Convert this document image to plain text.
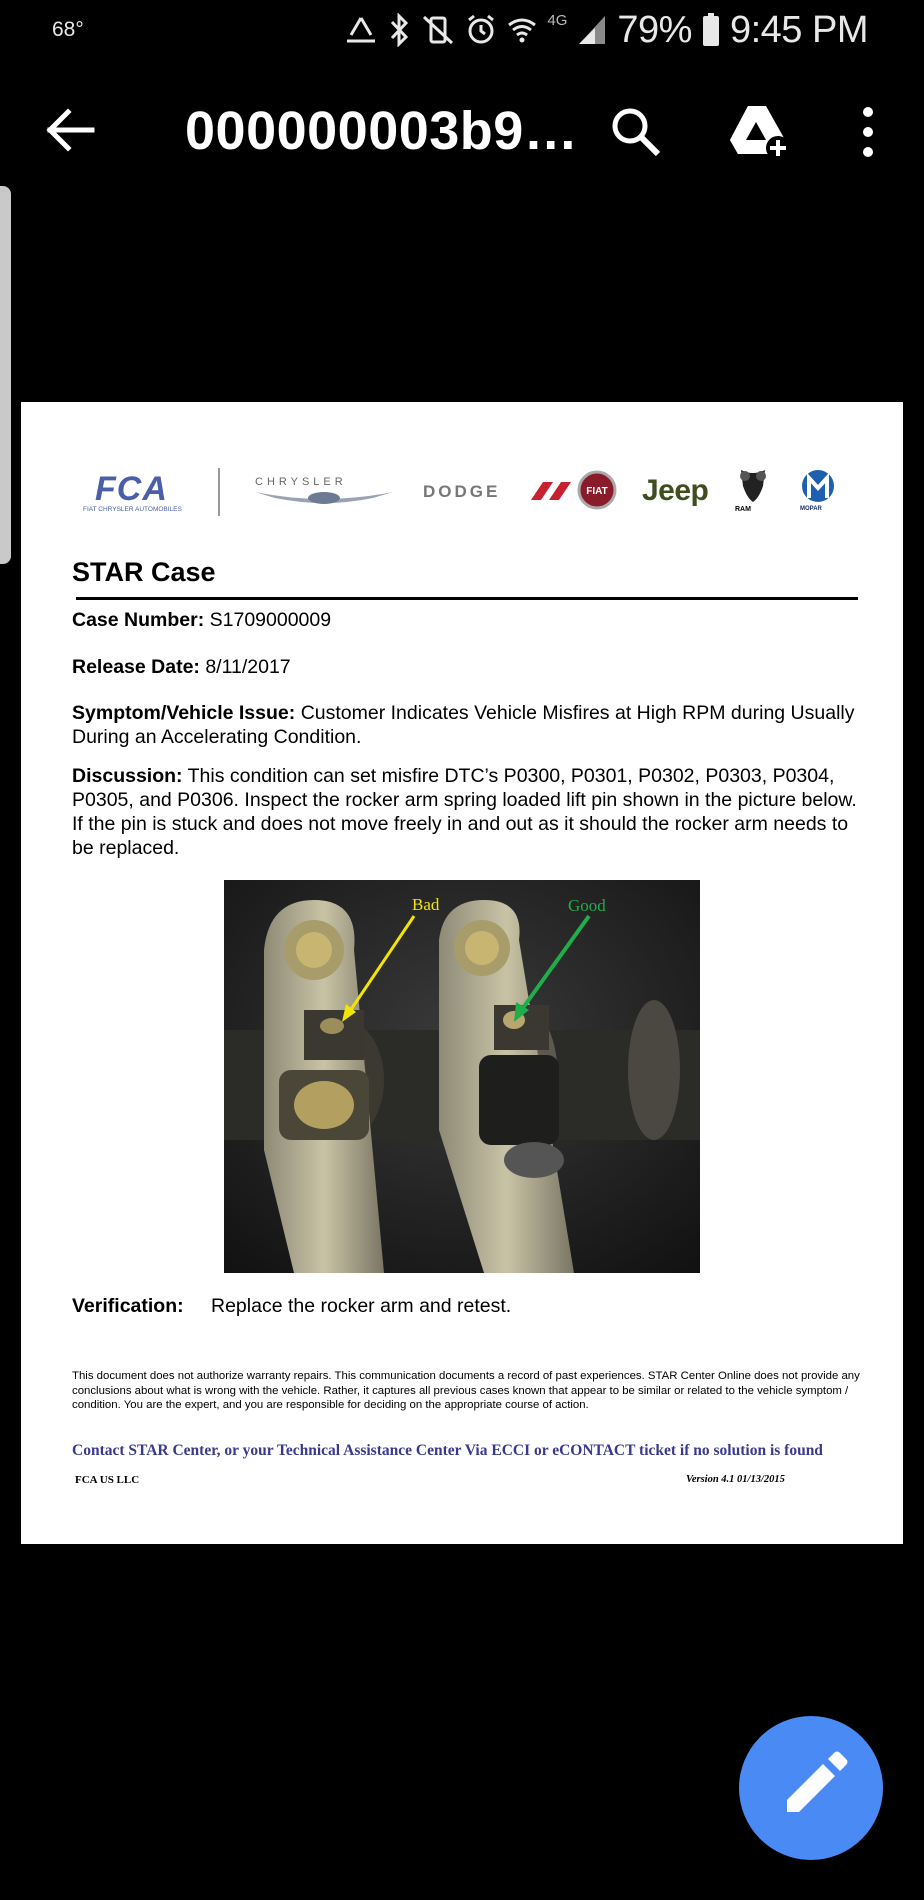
68°	4G 79% 9:45 PM
000000003b9…
FCA
FIAT CHRYSLER AUTOMOBILES
CHRYSLER	DODGE	FIAT Jeep
RAM	MOPAR
STAR Case
Case Number: S1709000009
Release Date: 8/11/2017
Symptom/Vehicle Issue: Customer Indicates Vehicle Misfires at High RPM during Usually During an Accelerating Condition.
Discussion: This condition can set misfire DTC’s P0300, P0301, P0302, P0303, P0304, P0305, and P0306. Inspect the rocker arm spring loaded lift pin shown in the picture below. If the pin is stuck and does not move freely in and out as it should the rocker arm needs to be replaced.
Bad	Good
Verification: Replace the rocker arm and retest.
This document does not authorize warranty repairs. This communication documents a record of past experiences. STAR Center Online does not provide any conclusions about what is wrong with the vehicle. Rather, it captures all previous cases known that appear to be similar or related to the vehicle symptom / condition. You are the expert, and you are responsible for deciding on the appropriate course of action.
Contact STAR Center, or your Technical Assistance Center Via ECCI or eCONTACT ticket if no solution is found
FCA US LLC	Version 4.1 01/13/2015
